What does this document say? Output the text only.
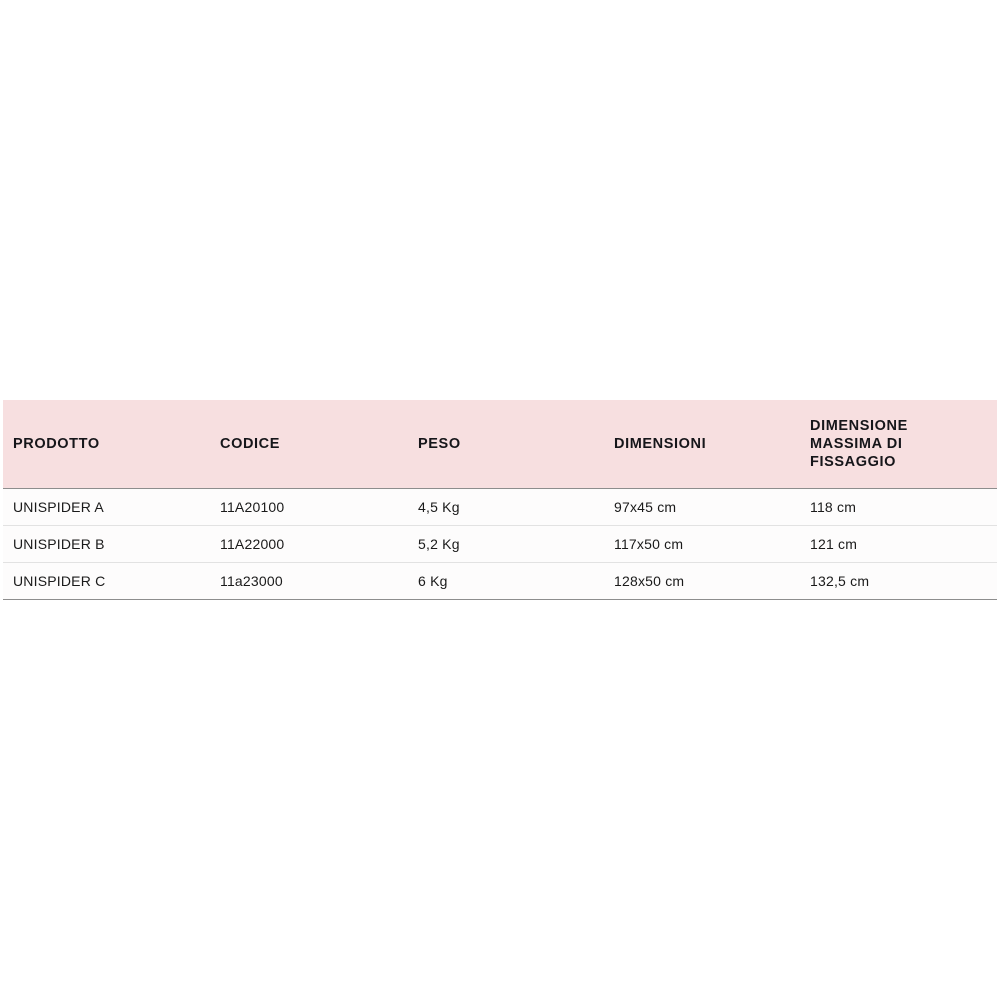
PRODOTTO	CODICE	PESO	DIMENSIONI	DIMENSIONE
MASSIMA DI
FISSAGGIO

UNISPIDER A	11A20100	4,5 Kg	97x45 cm	118 cm
UNISPIDER B	11A22000	5,2 Kg	117x50 cm	121 cm
UNISPIDER C	11a23000	6 Kg	128x50 cm	132,5 cm
